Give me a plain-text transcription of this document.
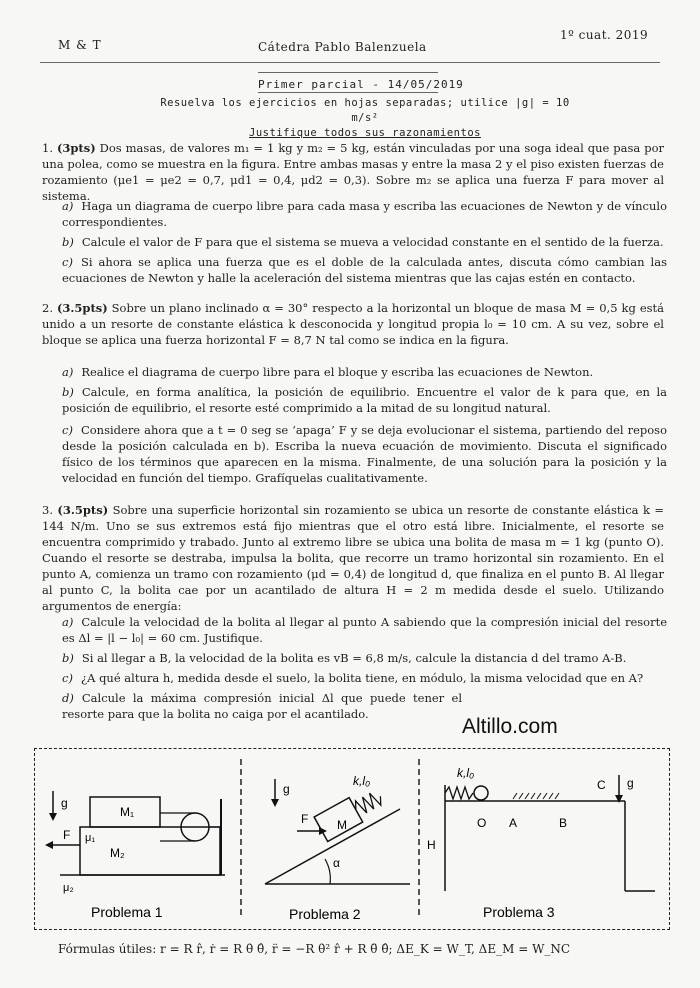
M & T	Cátedra Pablo Balenzuela
1º cuat. 2019
Primer parcial - 14/05/2019
Resuelva los ejercicios en hojas separadas; utilice |g| = 10 m/s²
Justifique todos sus razonamientos
1. (3pts) Dos masas, de valores m₁ = 1 kg y m₂ = 5 kg, están vinculadas por una soga ideal que pasa por una polea, como se muestra en la figura. Entre ambas masas y entre la masa 2 y el piso existen fuerzas de rozamiento (μe1 = μe2 = 0,7, μd1 = 0,4, μd2 = 0,3). Sobre m₂ se aplica una fuerza F para mover al sistema.
a) Haga un diagrama de cuerpo libre para cada masa y escriba las ecuaciones de Newton y de vínculo correspondientes.
b) Calcule el valor de F para que el sistema se mueva a velocidad constante en el sentido de la fuerza.
c) Si ahora se aplica una fuerza que es el doble de la calculada antes, discuta cómo cambian las ecuaciones de Newton y halle la aceleración del sistema mientras que las cajas estén en contacto.
2. (3.5pts) Sobre un plano inclinado α = 30° respecto a la horizontal un bloque de masa M = 0,5 kg está unido a un resorte de constante elástica k desconocida y longitud propia l₀ = 10 cm. A su vez, sobre el bloque se aplica una fuerza horizontal F = 8,7 N tal como se indica en la figura.
a) Realice el diagrama de cuerpo libre para el bloque y escriba las ecuaciones de Newton.
b) Calcule, en forma analítica, la posición de equilibrio. Encuentre el valor de k para que, en la posición de equilibrio, el resorte esté comprimido a la mitad de su longitud natural.
c) Considere ahora que a t = 0 seg se ‘apaga’ F y se deja evolucionar el sistema, partiendo del reposo desde la posición calculada en b). Escriba la nueva ecuación de movimiento. Discuta el significado físico de los términos que aparecen en la misma. Finalmente, de una solución para la posición y la velocidad en función del tiempo. Grafíquelas cualitativamente.
3. (3.5pts) Sobre una superficie horizontal sin rozamiento se ubica un resorte de constante elástica k = 144 N/m. Uno se sus extremos está fijo mientras que el otro está libre. Inicialmente, el resorte se encuentra comprimido y trabado. Junto al extremo libre se ubica una bolita de masa m = 1 kg (punto O). Cuando el resorte se destraba, impulsa la bolita, que recorre un tramo horizontal sin rozamiento. En el punto A, comienza un tramo con rozamiento (μd = 0,4) de longitud d, que finaliza en el punto B. Al llegar al punto C, la bolita cae por un acantilado de altura H = 2 m medida desde el suelo. Utilizando argumentos de energía:
a) Calcule la velocidad de la bolita al llegar al punto A sabiendo que la compresión inicial del resorte es Δl = |l − l₀| = 60 cm. Justifique.
b) Si al llegar a B, la velocidad de la bolita es vB = 6,8 m/s, calcule la distancia d del tramo A-B.
c) ¿A qué altura h, medida desde el suelo, la bolita tiene, en módulo, la misma velocidad que en A?
d) Calcule la máxima compresión inicial Δl que puede tener el resorte para que la bolita no caiga por el acantilado.
Altillo.com
g
M₁
M₂
F μ₁
μ₂
Problema 1
g
α
M
F
k,l₀
Problema 2
k,l₀
O A	B
C g
H
Problema 3
Fórmulas útiles: r = R r̂, ṙ = R θ̇ θ̂, r̈ = −R θ̇² r̂ + R θ̈ θ̂; ΔE_K = W_T, ΔE_M = W_NC
